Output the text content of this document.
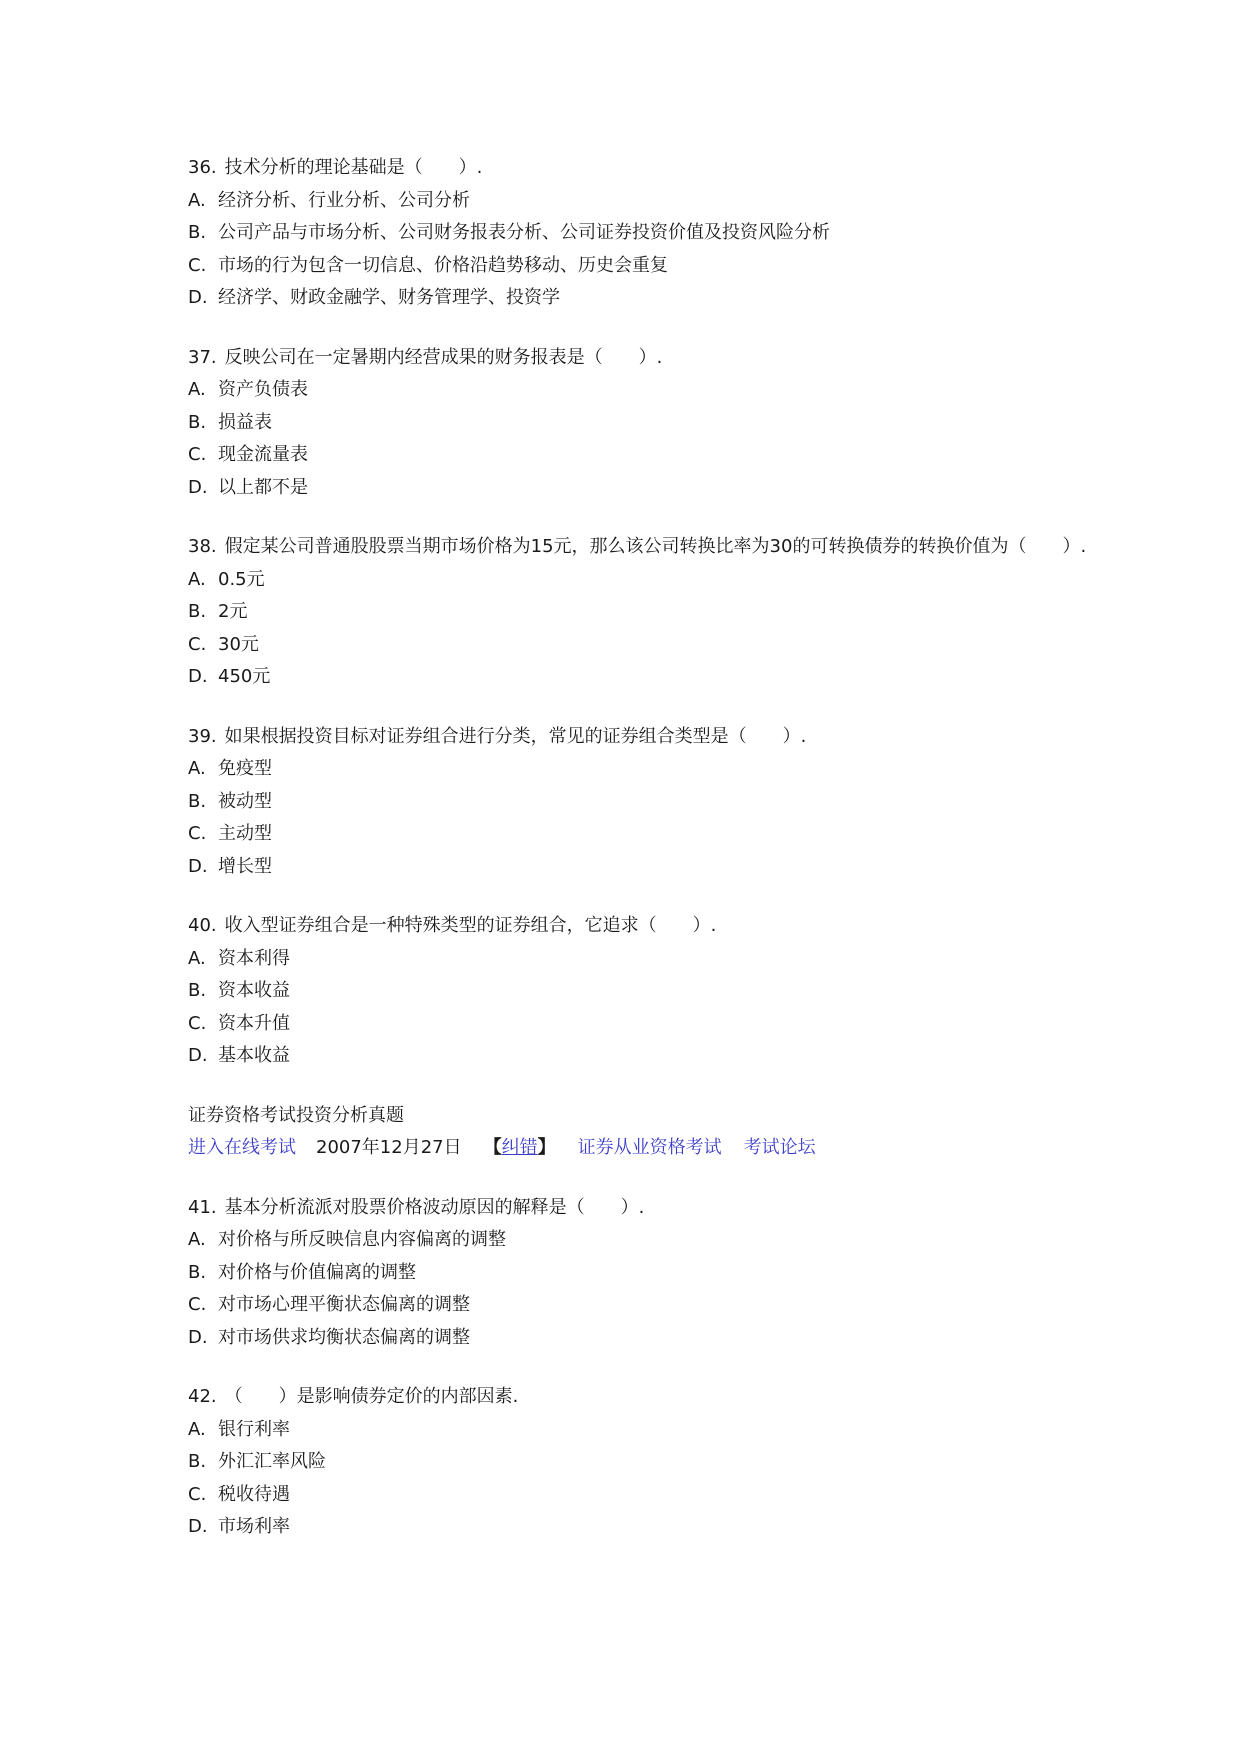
36. 技术分析的理论基础是（　　）.
A. 经济分析、行业分析、公司分析
B. 公司产品与市场分析、公司财务报表分析、公司证券投资价值及投资风险分析
C. 市场的行为包含一切信息、价格沿趋势移动、历史会重复
D. 经济学、财政金融学、财务管理学、投资学
37. 反映公司在一定暑期内经营成果的财务报表是（　　）.
A. 资产负债表
B. 损益表
C. 现金流量表
D. 以上都不是
38. 假定某公司普通股股票当期市场价格为15元，那么该公司转换比率为30的可转换债券的转换价值为（　　）.
A. 0.5元
B. 2元
C. 30元
D. 450元
39. 如果根据投资目标对证券组合进行分类，常见的证券组合类型是（　　）.
A. 免疫型
B. 被动型
C. 主动型
D. 增长型
40. 收入型证券组合是一种特殊类型的证券组合，它追求（　　）.
A. 资本利得
B. 资本收益
C. 资本升值
D. 基本收益
证券资格考试投资分析真题
进入在线考试 2007年12月27日 【纠错】 证券从业资格考试 考试论坛
41. 基本分析流派对股票价格波动原因的解释是（　　）.
A. 对价格与所反映信息内容偏离的调整
B. 对价格与价值偏离的调整
C. 对市场心理平衡状态偏离的调整
D. 对市场供求均衡状态偏离的调整
42. （　　）是影响债券定价的内部因素.
A. 银行利率
B. 外汇汇率风险
C. 税收待遇
D. 市场利率
